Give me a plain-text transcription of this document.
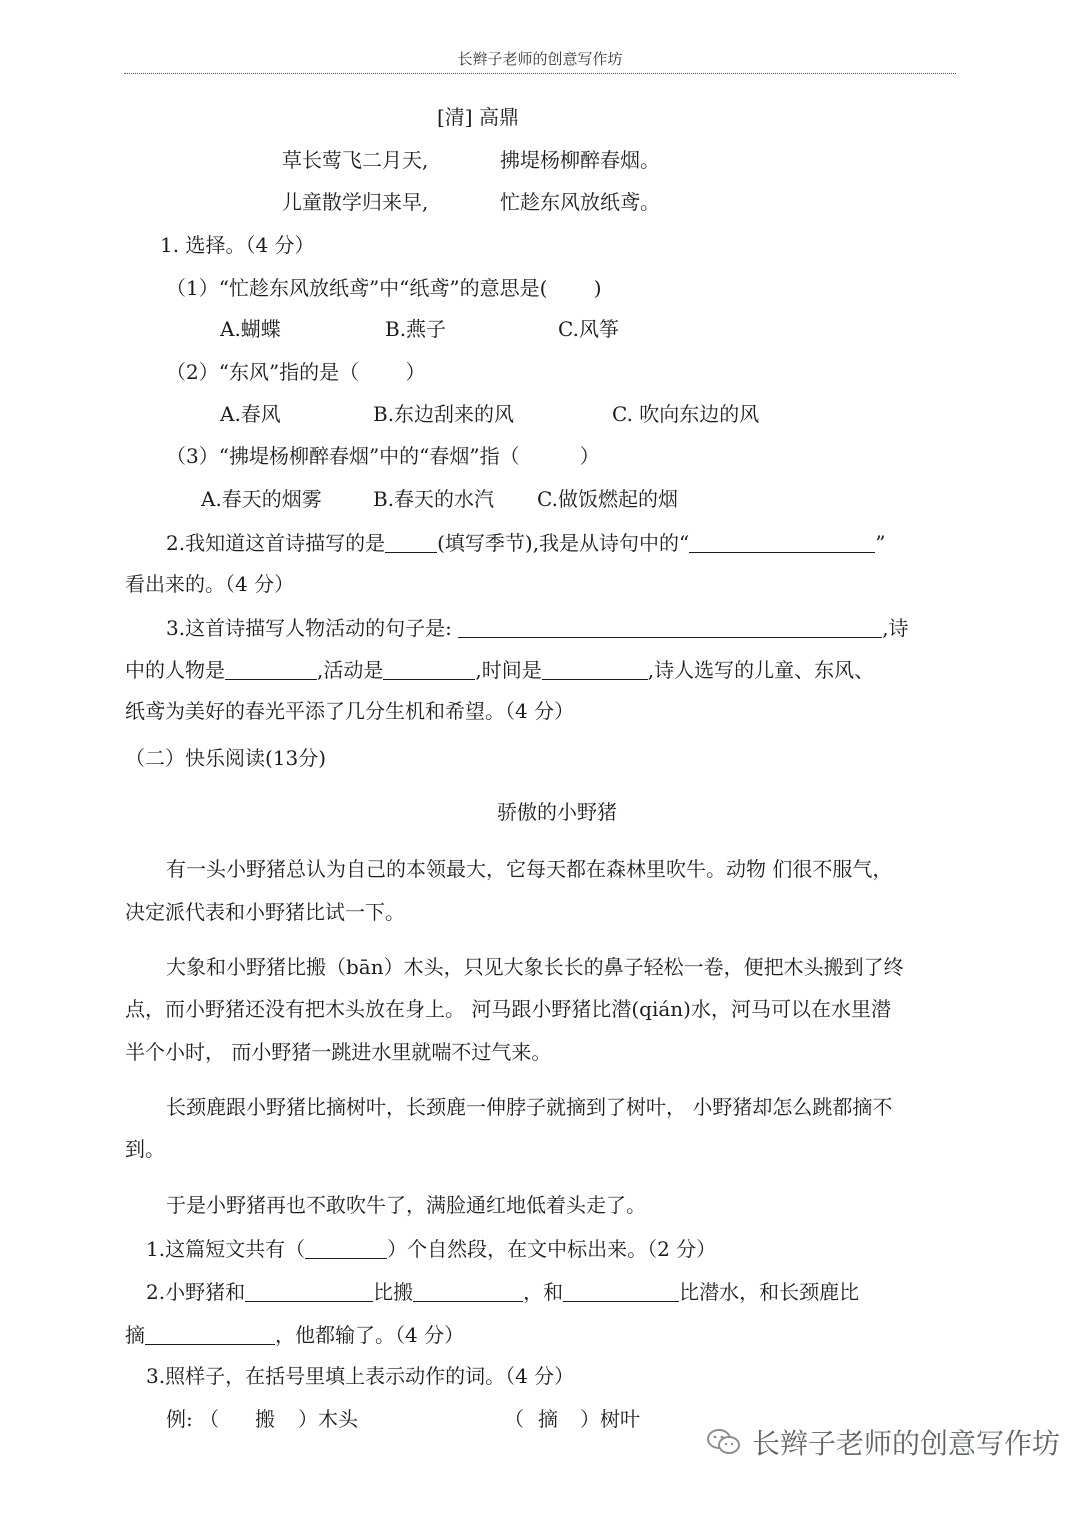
长辫子老师的创意写作坊
[清] 高鼎
草长莺飞二月天,	拂堤杨柳醉春烟。
儿童散学归来早,	忙趁东风放纸鸢。
1. 选择。（4 分）
（1）“忙趁东风放纸鸢”中“纸鸢”的意思是(　　 )
A.蝴蝶	B.燕子	C.风筝
（2）“东风”指的是（　　 ）
A.春风	B.东边刮来的风	C. 吹向东边的风
（3）“拂堤杨柳醉春烟”中的“春烟”指（　　　）
A.春天的烟雾	B.春天的水汽 C.做饭燃起的烟
2.我知道这首诗描写的是	(填写季节),我是从诗句中的“	”
看出来的。（4 分）
3.这首诗描写人物活动的句子是:	,诗
中的人物是	,活动是	,时间是	,诗人选写的儿童、东风、
纸鸢为美好的春光平添了几分生机和希望。（4 分）
（二）快乐阅读(13分)
骄傲的小野猪
有一头小野猪总认为自己的本领最大，它每天都在森林里吹牛。动物 们很不服气，
决定派代表和小野猪比试一下。
大象和小野猪比搬（bān）木头，只见大象长长的鼻子轻松一卷，便把木头搬到了终
点，而小野猪还没有把木头放在身上。 河马跟小野猪比潜(qián)水，河马可以在水里潜
半个小时， 而小野猪一跳进水里就喘不过气来。
长颈鹿跟小野猪比摘树叶，长颈鹿一伸脖子就摘到了树叶， 小野猪却怎么跳都摘不
到。
于是小野猪再也不敢吹牛了，满脸通红地低着头走了。
1.这篇短文共有（	）个自然段，在文中标出来。（2 分）
2.小野猪和	比搬	，和	比潜水，和长颈鹿比
摘	，他都输了。（4 分）
3.照样子，在括号里填上表示动作的词。（4 分）
例: （ 搬 ）木头	（ 摘 ）树叶
长辫子老师的创意写作坊
